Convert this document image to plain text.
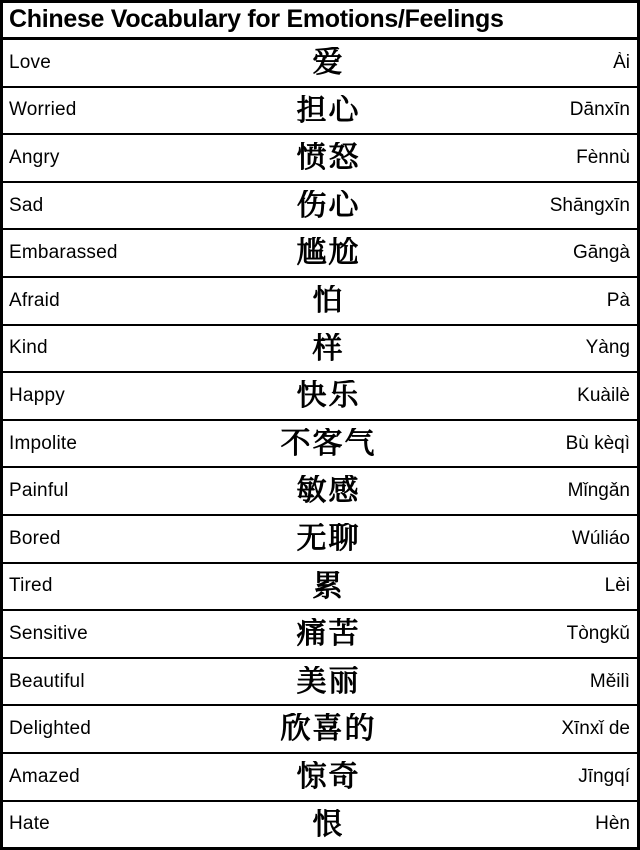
Chinese Vocabulary for Emotions/Feelings
Love	爱	Ài
Worried	担心	Dānxīn
Angry	愤怒	Fènnù
Sad	伤心	Shāngxīn
Embarassed	尴尬	Gāngà
Afraid	怕	Pà
Kind	样	Yàng
Happy	快乐	Kuàilè
Impolite	不客气	Bù kèqì
Painful	敏感	Mǐngǎn
Bored	无聊	Wúliáo
Tired	累	Lèi
Sensitive	痛苦	Tòngkǔ
Beautiful	美丽	Měilì
Delighted	欣喜的	Xīnxǐ de
Amazed	惊奇	Jīngqí
Hate	恨	Hèn
